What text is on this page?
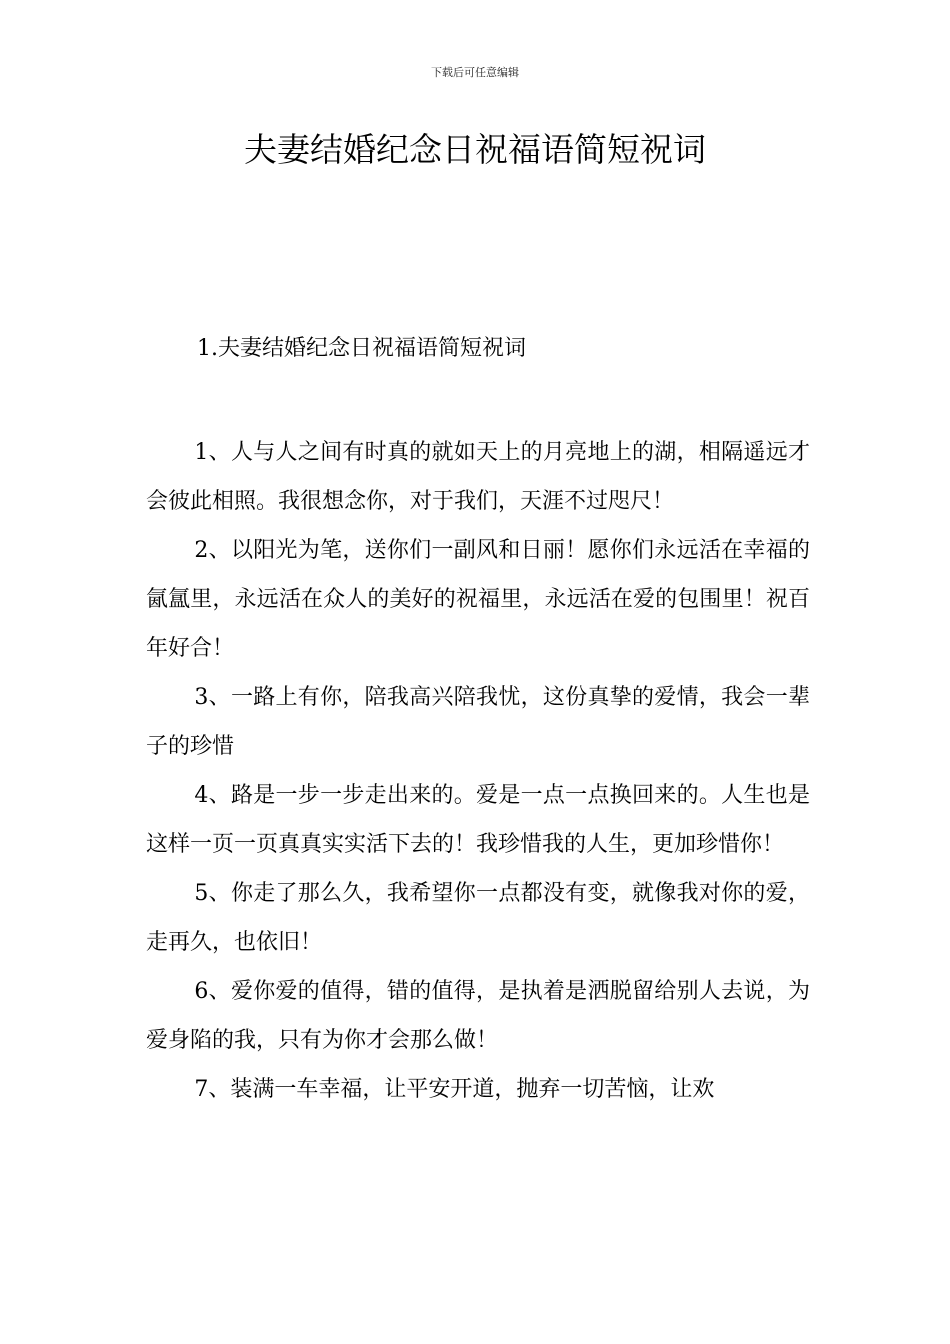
下载后可任意编辑
夫妻结婚纪念日祝福语简短祝词
1.夫妻结婚纪念日祝福语简短祝词

1、人与人之间有时真的就如天上的月亮地上的湖，相隔遥远才会彼此相照。我很想念你，对于我们，天涯不过咫尺！

2、以阳光为笔，送你们一副风和日丽！愿你们永远活在幸福的氤氲里，永远活在众人的美好的祝福里，永远活在爱的包围里！祝百年好合！

3、一路上有你，陪我高兴陪我忧，这份真挚的爱情，我会一辈子的珍惜

4、路是一步一步走出来的。爱是一点一点换回来的。人生也是这样一页一页真真实实活下去的！我珍惜我的人生，更加珍惜你！

5、你走了那么久，我希望你一点都没有变，就像我对你的爱，走再久，也依旧！

6、爱你爱的值得，错的值得，是执着是洒脱留给别人去说，为爱身陷的我，只有为你才会那么做！

7、装满一车幸福，让平安开道，抛弃一切苦恼，让欢
